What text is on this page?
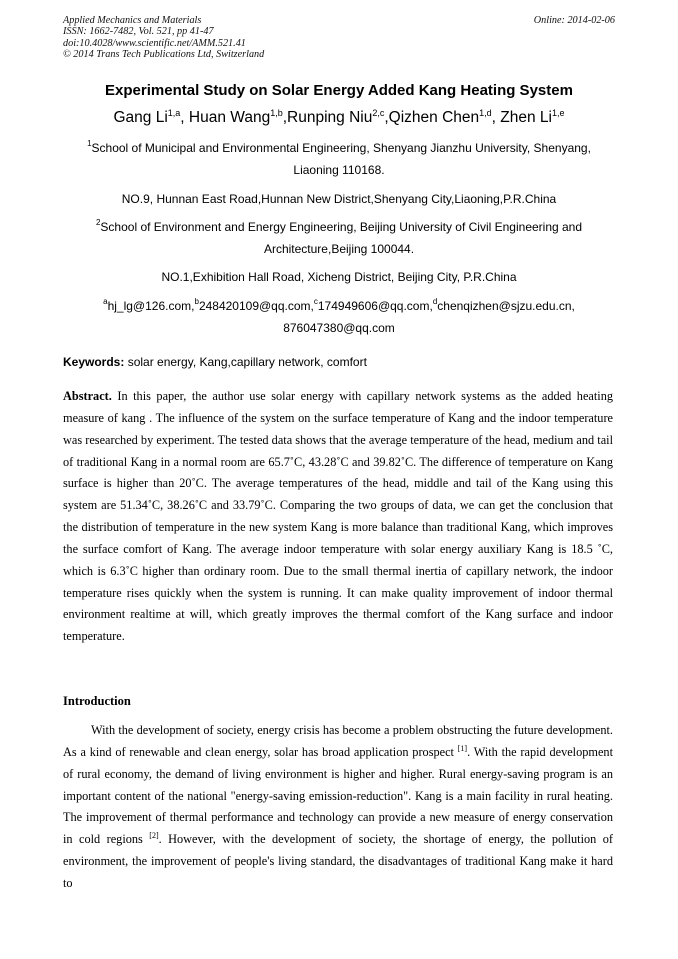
Applied Mechanics and Materials
ISSN: 1662-7482, Vol. 521, pp 41-47
doi:10.4028/www.scientific.net/AMM.521.41
© 2014 Trans Tech Publications Ltd, Switzerland
Online: 2014-02-06
Experimental Study on Solar Energy Added Kang Heating System
Gang Li$^{1,a}$, Huan Wang$^{1,b}$,Runping Niu$^{2,c}$,Qizhen Chen$^{1,d}$, Zhen Li$^{1,e}$
$^1$School of Municipal and Environmental Engineering, Shenyang Jianzhu University, Shenyang,
Liaoning 110168.
NO.9, Hunnan East Road,Hunnan New District,Shenyang City,Liaoning,P.R.China
$^2$School of Environment and Energy Engineering, Beijing University of Civil Engineering and
Architecture,Beijing 100044.
NO.1,Exhibition Hall Road, Xicheng District, Beijing City, P.R.China
$^a$hj_lg@126.com,$^b$248420109@qq.com,$^c$174949606@qq.com,$^d$chenqizhen@sjzu.edu.cn,
876047380@qq.com
Keywords: solar energy, Kang,capillary network, comfort
Abstract. In this paper, the author use solar energy with capillary network systems as the added heating measure of kang . The influence of the system on the surface temperature of Kang and the indoor temperature was researched by experiment. The tested data shows that the average temperature of the head, medium and tail of traditional Kang in a normal room are 65.7˚C, 43.28˚C and 39.82˚C. The difference of temperature on Kang surface is higher than 20˚C. The average temperatures of the head, middle and tail of the Kang using this system are 51.34˚C, 38.26˚C and 33.79˚C. Comparing the two groups of data, we can get the conclusion that the distribution of temperature in the new system Kang is more balance than traditional Kang, which improves the surface comfort of Kang. The average indoor temperature with solar energy auxiliary Kang is 18.5 ˚C, which is 6.3˚C higher than ordinary room. Due to the small thermal inertia of capillary network, the indoor temperature rises quickly when the system is running. It can make quality improvement of indoor thermal environment realtime at will, which greatly improves the thermal comfort of the Kang surface and indoor temperature.
Introduction
With the development of society, energy crisis has become a problem obstructing the future development. As a kind of renewable and clean energy, solar has broad application prospect [1]. With the rapid development of rural economy, the demand of living environment is higher and higher. Rural energy-saving program is an important content of the national "energy-saving emission-reduction". Kang is a main facility in rural heating. The improvement of thermal performance and technology can provide a new measure of energy conservation in cold regions [2]. However, with the development of society, the shortage of energy, the pollution of environment, the improvement of people's living standard, the disadvantages of traditional Kang make it hard to
